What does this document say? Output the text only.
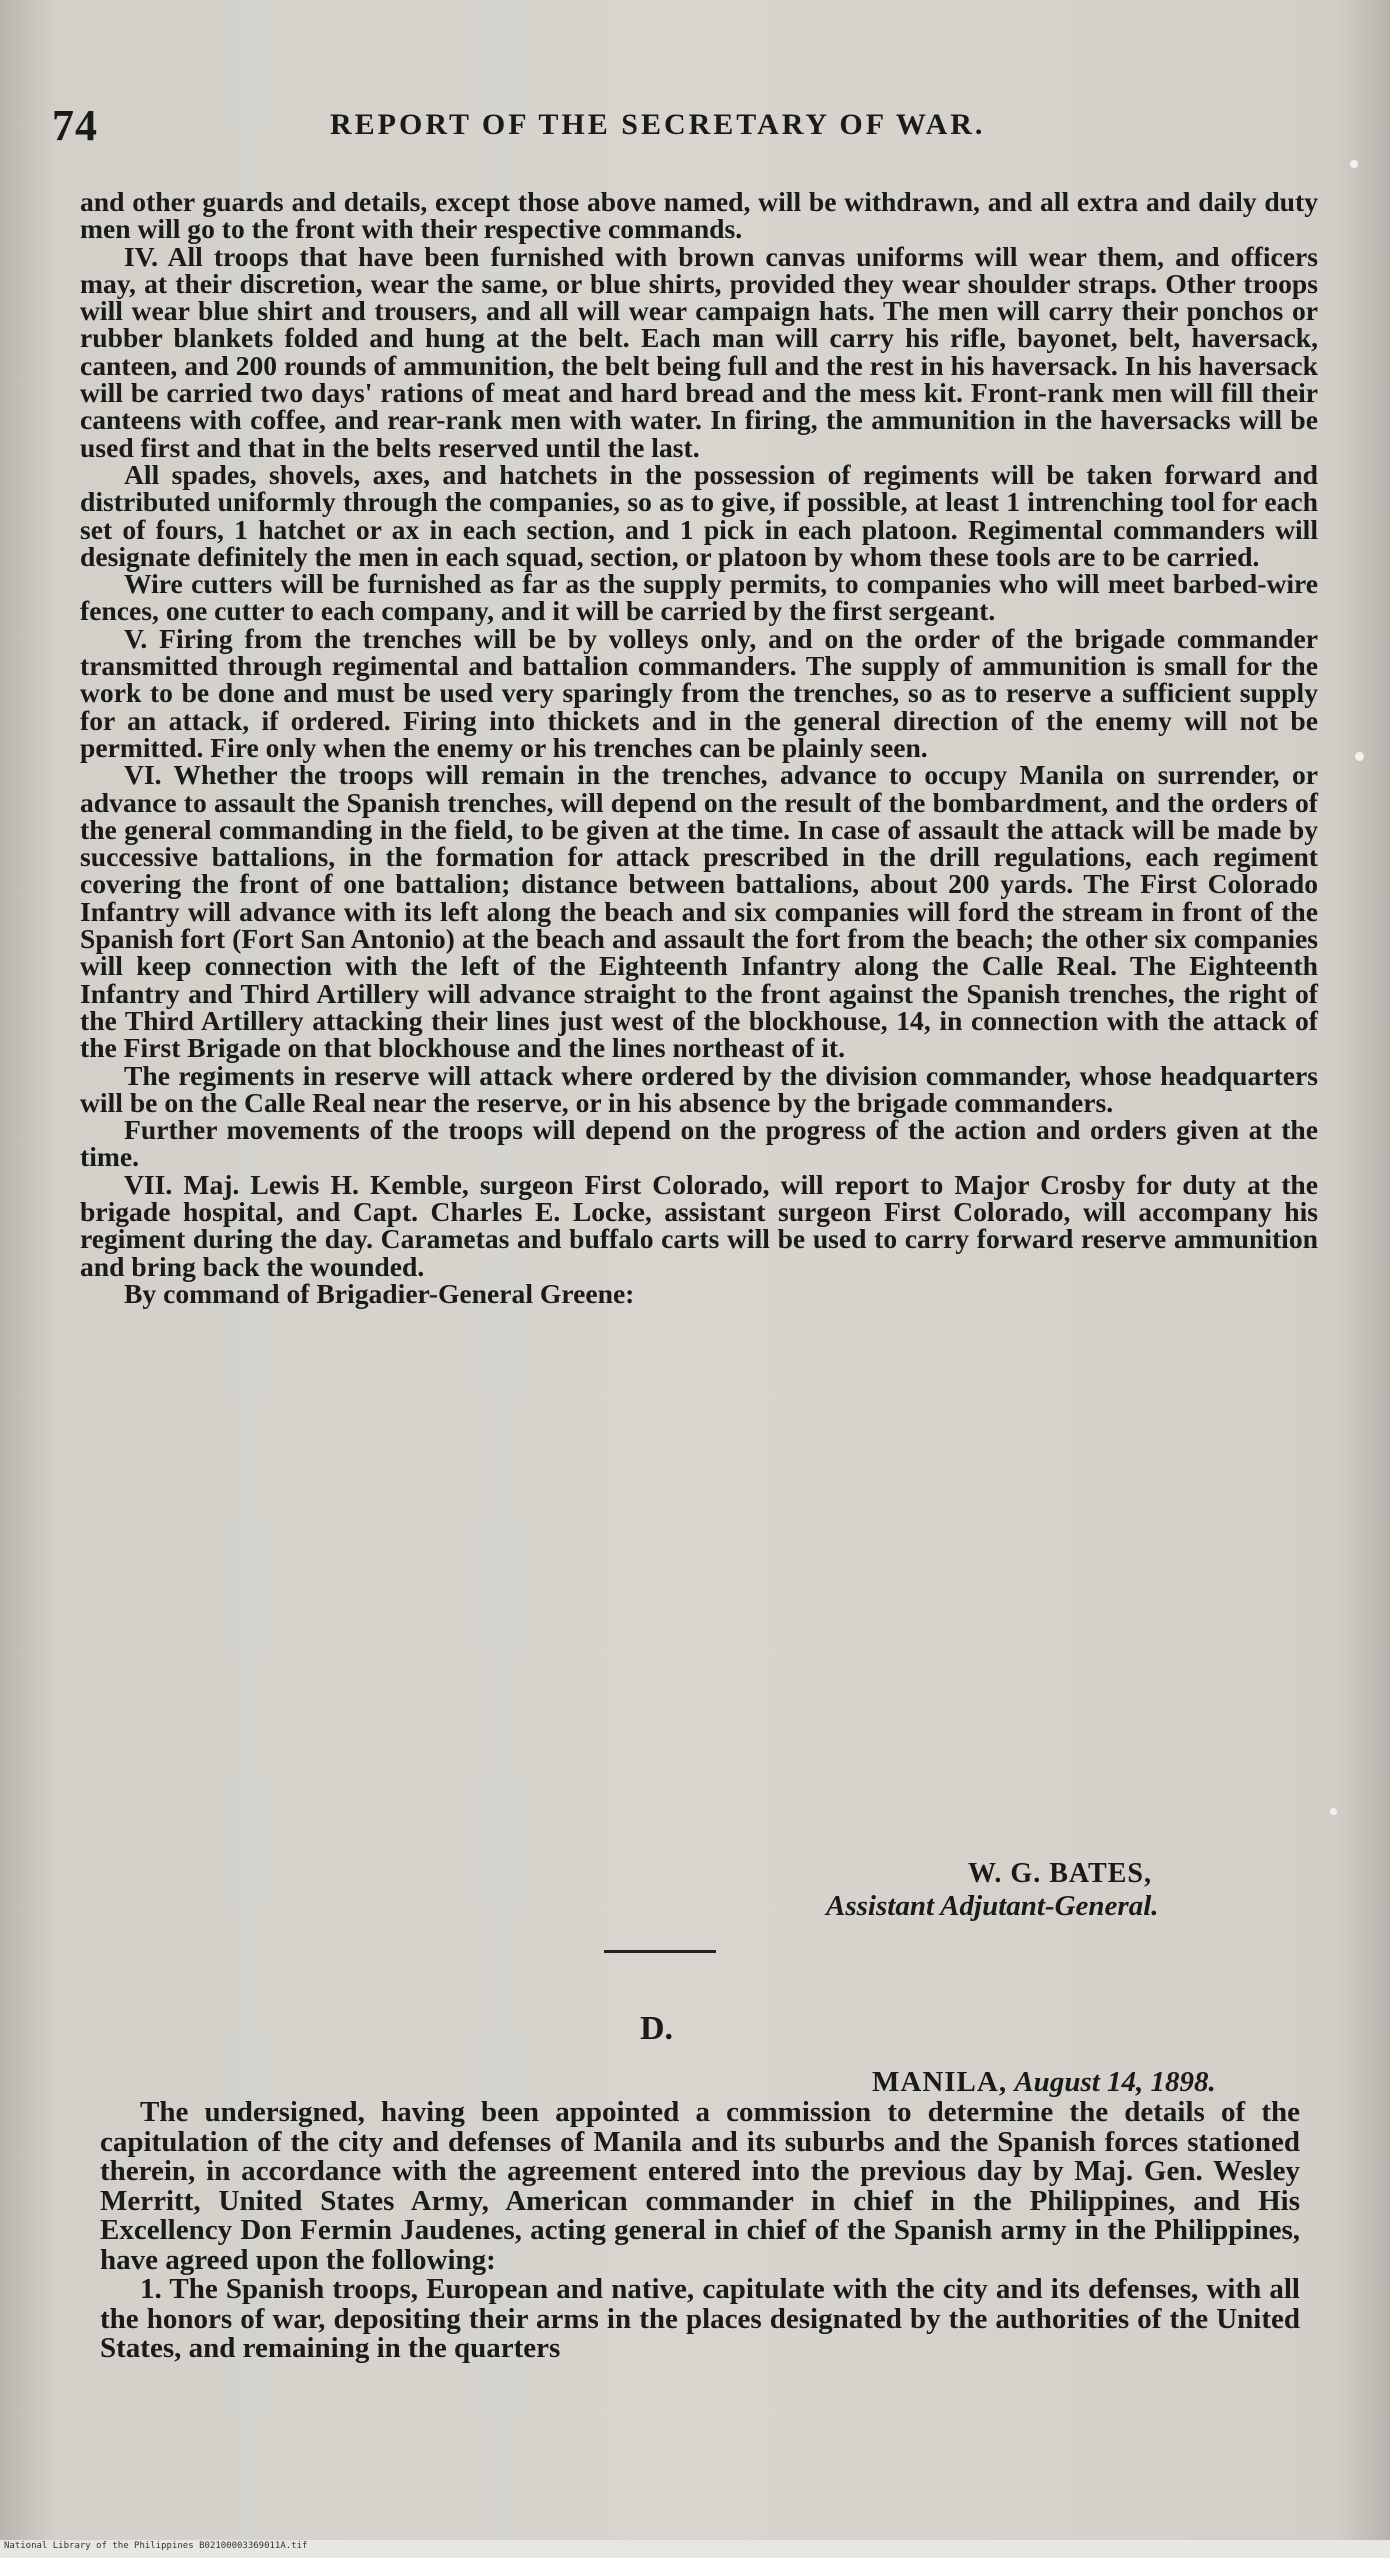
74	REPORT OF THE SECRETARY OF WAR.

and other guards and details, except those above named, will be withdrawn, and all extra and daily duty men will go to the front with their respective commands.

IV. All troops that have been furnished with brown canvas uniforms will wear them, and officers may, at their discretion, wear the same, or blue shirts, provided they wear shoulder straps. Other troops will wear blue shirt and trousers, and all will wear campaign hats. The men will carry their ponchos or rubber blankets folded and hung at the belt. Each man will carry his rifle, bayonet, belt, haversack, canteen, and 200 rounds of ammunition, the belt being full and the rest in his haversack. In his haversack will be carried two days' rations of meat and hard bread and the mess kit. Front-rank men will fill their canteens with coffee, and rear-rank men with water. In firing, the ammunition in the haversacks will be used first and that in the belts reserved until the last.

All spades, shovels, axes, and hatchets in the possession of regiments will be taken forward and distributed uniformly through the companies, so as to give, if possible, at least 1 intrenching tool for each set of fours, 1 hatchet or ax in each section, and 1 pick in each platoon. Regimental commanders will designate definitely the men in each squad, section, or platoon by whom these tools are to be carried.

Wire cutters will be furnished as far as the supply permits, to companies who will meet barbed-wire fences, one cutter to each company, and it will be carried by the first sergeant.

V. Firing from the trenches will be by volleys only, and on the order of the brigade commander transmitted through regimental and battalion commanders. The supply of ammunition is small for the work to be done and must be used very sparingly from the trenches, so as to reserve a sufficient supply for an attack, if ordered. Firing into thickets and in the general direction of the enemy will not be permitted. Fire only when the enemy or his trenches can be plainly seen.

VI. Whether the troops will remain in the trenches, advance to occupy Manila on surrender, or advance to assault the Spanish trenches, will depend on the result of the bombardment, and the orders of the general commanding in the field, to be given at the time. In case of assault the attack will be made by successive battalions, in the formation for attack prescribed in the drill regulations, each regiment covering the front of one battalion; distance between battalions, about 200 yards. The First Colorado Infantry will advance with its left along the beach and six companies will ford the stream in front of the Spanish fort (Fort San Antonio) at the beach and assault the fort from the beach; the other six companies will keep connection with the left of the Eighteenth Infantry along the Calle Real. The Eighteenth Infantry and Third Artillery will advance straight to the front against the Spanish trenches, the right of the Third Artillery attacking their lines just west of the blockhouse, 14, in connection with the attack of the First Brigade on that blockhouse and the lines northeast of it.

The regiments in reserve will attack where ordered by the division commander, whose headquarters will be on the Calle Real near the reserve, or in his absence by the brigade commanders.

Further movements of the troops will depend on the progress of the action and orders given at the time.

VII. Maj. Lewis H. Kemble, surgeon First Colorado, will report to Major Crosby for duty at the brigade hospital, and Capt. Charles E. Locke, assistant surgeon First Colorado, will accompany his regiment during the day. Carametas and buffalo carts will be used to carry forward reserve ammunition and bring back the wounded.

By command of Brigadier-General Greene:

W. G. BATES,
Assistant Adjutant-General.
D.
MANILA, August 14, 1898.

The undersigned, having been appointed a commission to determine the details of the capitulation of the city and defenses of Manila and its suburbs and the Spanish forces stationed therein, in accordance with the agreement entered into the previous day by Maj. Gen. Wesley Merritt, United States Army, American commander in chief in the Philippines, and His Excellency Don Fermin Jaudenes, acting general in chief of the Spanish army in the Philippines, have agreed upon the following:

1. The Spanish troops, European and native, capitulate with the city and its defenses, with all the honors of war, depositing their arms in the places designated by the authorities of the United States, and remaining in the quarters

National Library of the Philippines B02100003369011A.tif
